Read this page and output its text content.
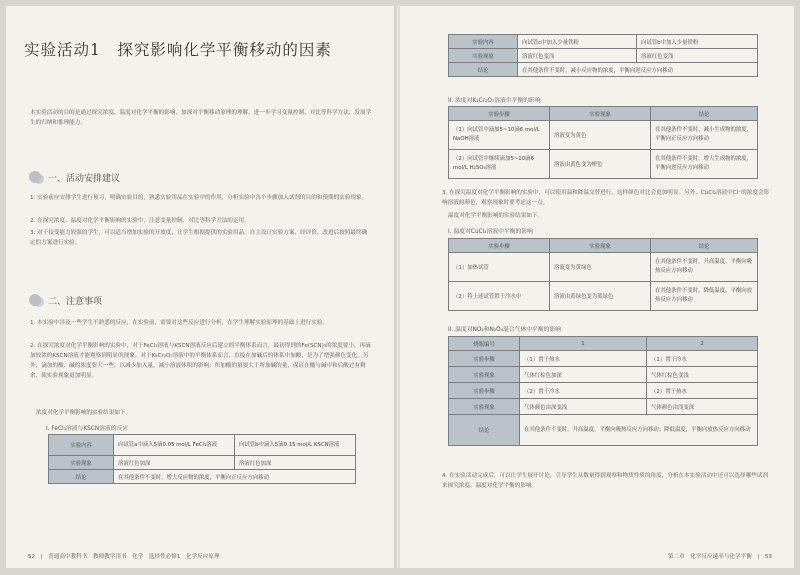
实验活动1　探究影响化学平衡移动的因素
本实验活动的目的是通过探究浓度、温度对化学平衡的影响，加深对平衡移动原理的理解，进一步学习变量控制、对比等科学方法，发展学生的归纳和推理能力。
一、活动安排建议
1. 实验前应安排学生进行预习，明确实验目的，熟悉实验用品在实验中的作用，分析实验中各个步骤加入试剂的目的和预期的实验现象。
2. 在探究浓度、温度对化学平衡影响的实验中，注意变量控制、对比等科学方法的运用。
3. 对于接受能力较强的学生，可以适当增加实验的开放度，让学生根据提供的实验用品，自主设计实验方案，经评价、改进后按照最终确定的方案进行实验。
二、注意事项
1. 本实验中涉及一些学生不熟悉的反应，在实验前，需要对这些反应进行分析，在学生理解实验原理的基础上进行实验。
2. 在探究浓度对化学平衡影响的实验中，对于FeCl₃溶液与KSCN溶液反应后建立的平衡体系而言，最初得到的Fe(SCN)₃的浓度要小，再滴加较浓的KSCN溶液才能观察到明显的现象。对于K₂Cr₂O₇溶液中的平衡体系而言，直接在加碱后的体系中加酸，是为了增强颜色变化。另外，滴加的酸、碱的浓度要大一些，以减少加入量，减小溶液体积的影响；所加酸的量要大于所加碱的量，保证在酸与碱中和后酸过有剩余，使实验现象更加明显。
浓度对化学平衡影响的实验结果如下。
I. FeCl₃溶液与KSCN溶液的反应
实验内容	向试管a中滴入5滴0.05 mol/L FeCl₃溶液	向试管b中滴入5滴0.15 mol/L KSCN溶液
实验现象	溶液红色加深	溶液红色加深
结论	在其他条件不变时，增大反应物的浓度，平衡向正反应方向移动	
52　|　普通高中教科书　教师教学用书　化学　选择性必修1　化学反应原理
实验内容	向试管c中加入少量铁粉	向试管b中加入少量铁粉
实验现象	溶液红色变浅	溶液红色变浅
结论	在其他条件不变时，减小反应物的浓度，平衡向逆反应方向移动	
II. 浓度对K₂Cr₂O₇溶液中平衡的影响
实验步骤	实验现象	结论
（1）向试管中滴加5~10滴6 mol/L NaOH溶液	溶液变为黄色	在其他条件不变时，减小生成物的浓度，平衡向正反应方向移动
（2）向试管中继续滴加5~10滴6 mol/L H₂SO₄溶液	溶液由黄色变为橙色	在其他条件不变时，增大生成物的浓度，平衡向逆反应方向移动
3. 在探究温度对化学平衡影响的实验中，可以使用温和降温交替进行，这样颜色对比会更加明显。另外，CuCl₂溶液中Cl⁻的浓度会影响溶液的颜色，观察现象时要考虑这一点。
温度对化学平衡影响的实验结果如下。
I. 温度对CuCl₂溶液中平衡的影响
实验步骤	实验现象	结论
（1）加热试管	溶液变为黄绿色	在其他条件不变时，升高温度，平衡向吸热反应方向移动
（2）将上述试管置于冷水中	溶液由黄绿色变为蓝绿色	在其他条件不变时，降低温度，平衡向放热反应方向移动
II. 温度对NO₂和N₂O₄混合气体中平衡的影响
烧瓶编号	1	2
实验步骤	（1）置于热水	（1）置于冷水
实验现象	气体红棕色加深	气体红棕色变浅
实验步骤	（2）置于冷水	（2）置于热水
实验现象	气体颜色由深变浅	气体颜色由浅变深
结论	在其他条件不变时，升高温度，平衡向吸热反应方向移动；降低温度，平衡向放热反应方向移动	
4. 在实验活动完成后，可以让学生展开讨论，引导学生从数量得到观察和物质性质的角度，分析在本实验活动中还可以选择哪些试剂来探究浓度、温度对化学平衡的影响。
第二章　化学反应速率与化学平衡　|　53
